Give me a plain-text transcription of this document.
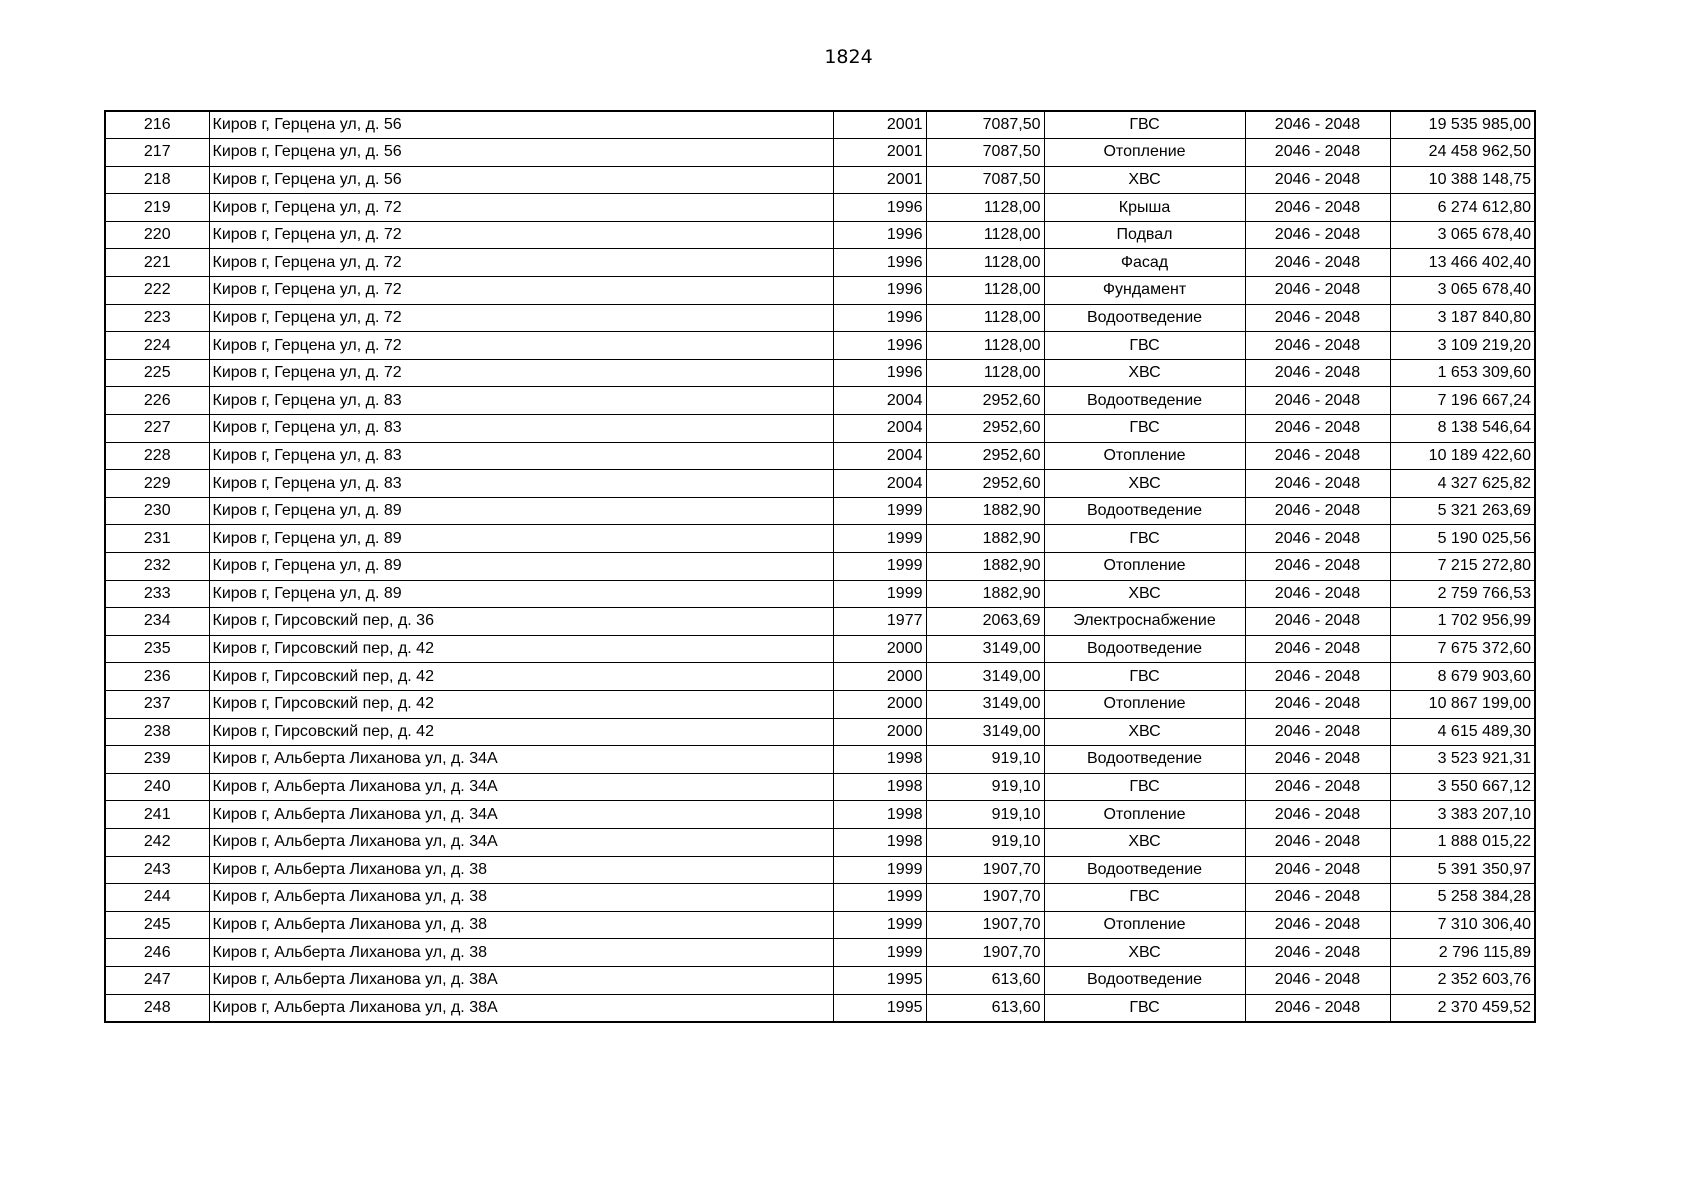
1824
216	Киров г, Герцена ул, д. 56	2001	7087,50	ГВС	2046 - 2048	19 535 985,00
217	Киров г, Герцена ул, д. 56	2001	7087,50	Отопление	2046 - 2048	24 458 962,50
218	Киров г, Герцена ул, д. 56	2001	7087,50	ХВС	2046 - 2048	10 388 148,75
219	Киров г, Герцена ул, д. 72	1996	1128,00	Крыша	2046 - 2048	6 274 612,80
220	Киров г, Герцена ул, д. 72	1996	1128,00	Подвал	2046 - 2048	3 065 678,40
221	Киров г, Герцена ул, д. 72	1996	1128,00	Фасад	2046 - 2048	13 466 402,40
222	Киров г, Герцена ул, д. 72	1996	1128,00	Фундамент	2046 - 2048	3 065 678,40
223	Киров г, Герцена ул, д. 72	1996	1128,00	Водоотведение	2046 - 2048	3 187 840,80
224	Киров г, Герцена ул, д. 72	1996	1128,00	ГВС	2046 - 2048	3 109 219,20
225	Киров г, Герцена ул, д. 72	1996	1128,00	ХВС	2046 - 2048	1 653 309,60
226	Киров г, Герцена ул, д. 83	2004	2952,60	Водоотведение	2046 - 2048	7 196 667,24
227	Киров г, Герцена ул, д. 83	2004	2952,60	ГВС	2046 - 2048	8 138 546,64
228	Киров г, Герцена ул, д. 83	2004	2952,60	Отопление	2046 - 2048	10 189 422,60
229	Киров г, Герцена ул, д. 83	2004	2952,60	ХВС	2046 - 2048	4 327 625,82
230	Киров г, Герцена ул, д. 89	1999	1882,90	Водоотведение	2046 - 2048	5 321 263,69
231	Киров г, Герцена ул, д. 89	1999	1882,90	ГВС	2046 - 2048	5 190 025,56
232	Киров г, Герцена ул, д. 89	1999	1882,90	Отопление	2046 - 2048	7 215 272,80
233	Киров г, Герцена ул, д. 89	1999	1882,90	ХВС	2046 - 2048	2 759 766,53
234	Киров г, Гирсовский пер, д. 36	1977	2063,69	Электроснабжение	2046 - 2048	1 702 956,99
235	Киров г, Гирсовский пер, д. 42	2000	3149,00	Водоотведение	2046 - 2048	7 675 372,60
236	Киров г, Гирсовский пер, д. 42	2000	3149,00	ГВС	2046 - 2048	8 679 903,60
237	Киров г, Гирсовский пер, д. 42	2000	3149,00	Отопление	2046 - 2048	10 867 199,00
238	Киров г, Гирсовский пер, д. 42	2000	3149,00	ХВС	2046 - 2048	4 615 489,30
239	Киров г, Альберта Лиханова ул, д. 34А	1998	919,10	Водоотведение	2046 - 2048	3 523 921,31
240	Киров г, Альберта Лиханова ул, д. 34А	1998	919,10	ГВС	2046 - 2048	3 550 667,12
241	Киров г, Альберта Лиханова ул, д. 34А	1998	919,10	Отопление	2046 - 2048	3 383 207,10
242	Киров г, Альберта Лиханова ул, д. 34А	1998	919,10	ХВС	2046 - 2048	1 888 015,22
243	Киров г, Альберта Лиханова ул, д. 38	1999	1907,70	Водоотведение	2046 - 2048	5 391 350,97
244	Киров г, Альберта Лиханова ул, д. 38	1999	1907,70	ГВС	2046 - 2048	5 258 384,28
245	Киров г, Альберта Лиханова ул, д. 38	1999	1907,70	Отопление	2046 - 2048	7 310 306,40
246	Киров г, Альберта Лиханова ул, д. 38	1999	1907,70	ХВС	2046 - 2048	2 796 115,89
247	Киров г, Альберта Лиханова ул, д. 38А	1995	613,60	Водоотведение	2046 - 2048	2 352 603,76
248	Киров г, Альберта Лиханова ул, д. 38А	1995	613,60	ГВС	2046 - 2048	2 370 459,52
